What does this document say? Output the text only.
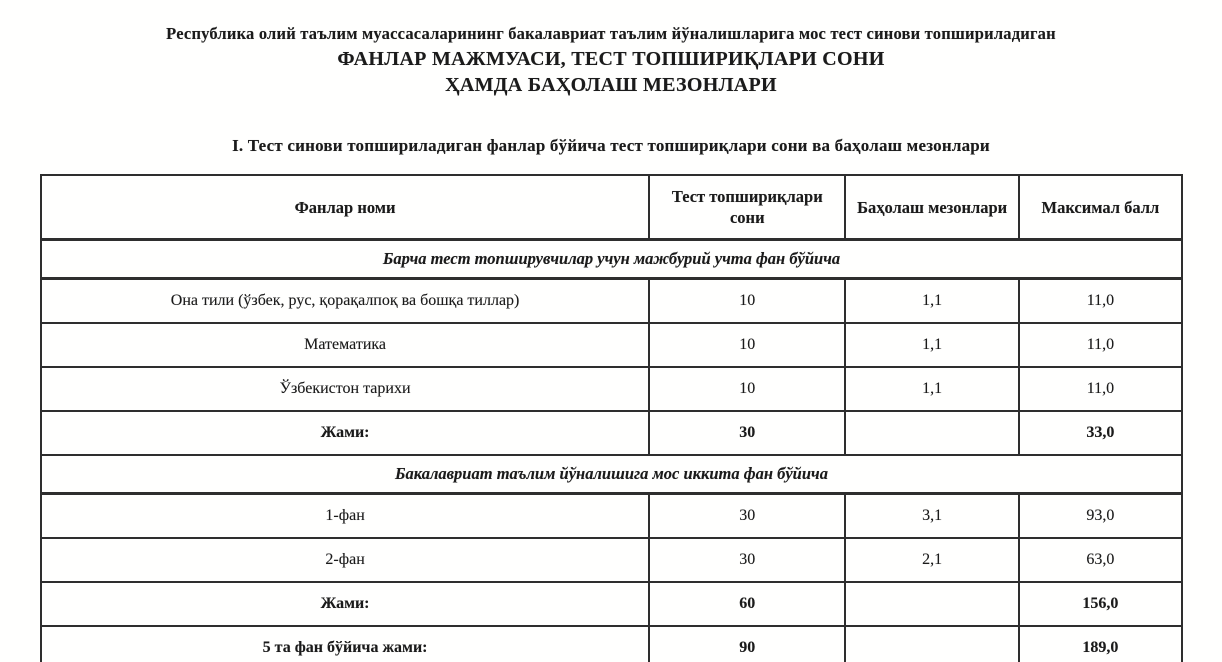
Республика олий таълим муассасаларининг бакалавриат таълим йўналишларига мос тест синови топшириладиган
ФАНЛАР МАЖМУАСИ, ТЕСТ ТОПШИРИҚЛАРИ СОНИ
ҲАМДА БАҲОЛАШ МЕЗОНЛАРИ
I. Тест синови топшириладиган фанлар бўйича тест топшириқлари сони ва баҳолаш мезонлари
Фанлар номи	Тест топшириқлари сони	Баҳолаш мезонлари	Максимал балл
Барча тест топширувчилар учун мажбурий учта фан бўйича			
Она тили (ўзбек, рус, қорақалпоқ ва бошқа тиллар)	10	1,1	11,0
Математика	10	1,1	11,0
Ўзбекистон тарихи	10	1,1	11,0
Жами:	30		33,0
Бакалавриат таълим йўналишига мос иккита фан бўйича			
1-фан	30	3,1	93,0
2-фан	30	2,1	63,0
Жами:	60		156,0
5 та фан бўйича жами:	90		189,0
